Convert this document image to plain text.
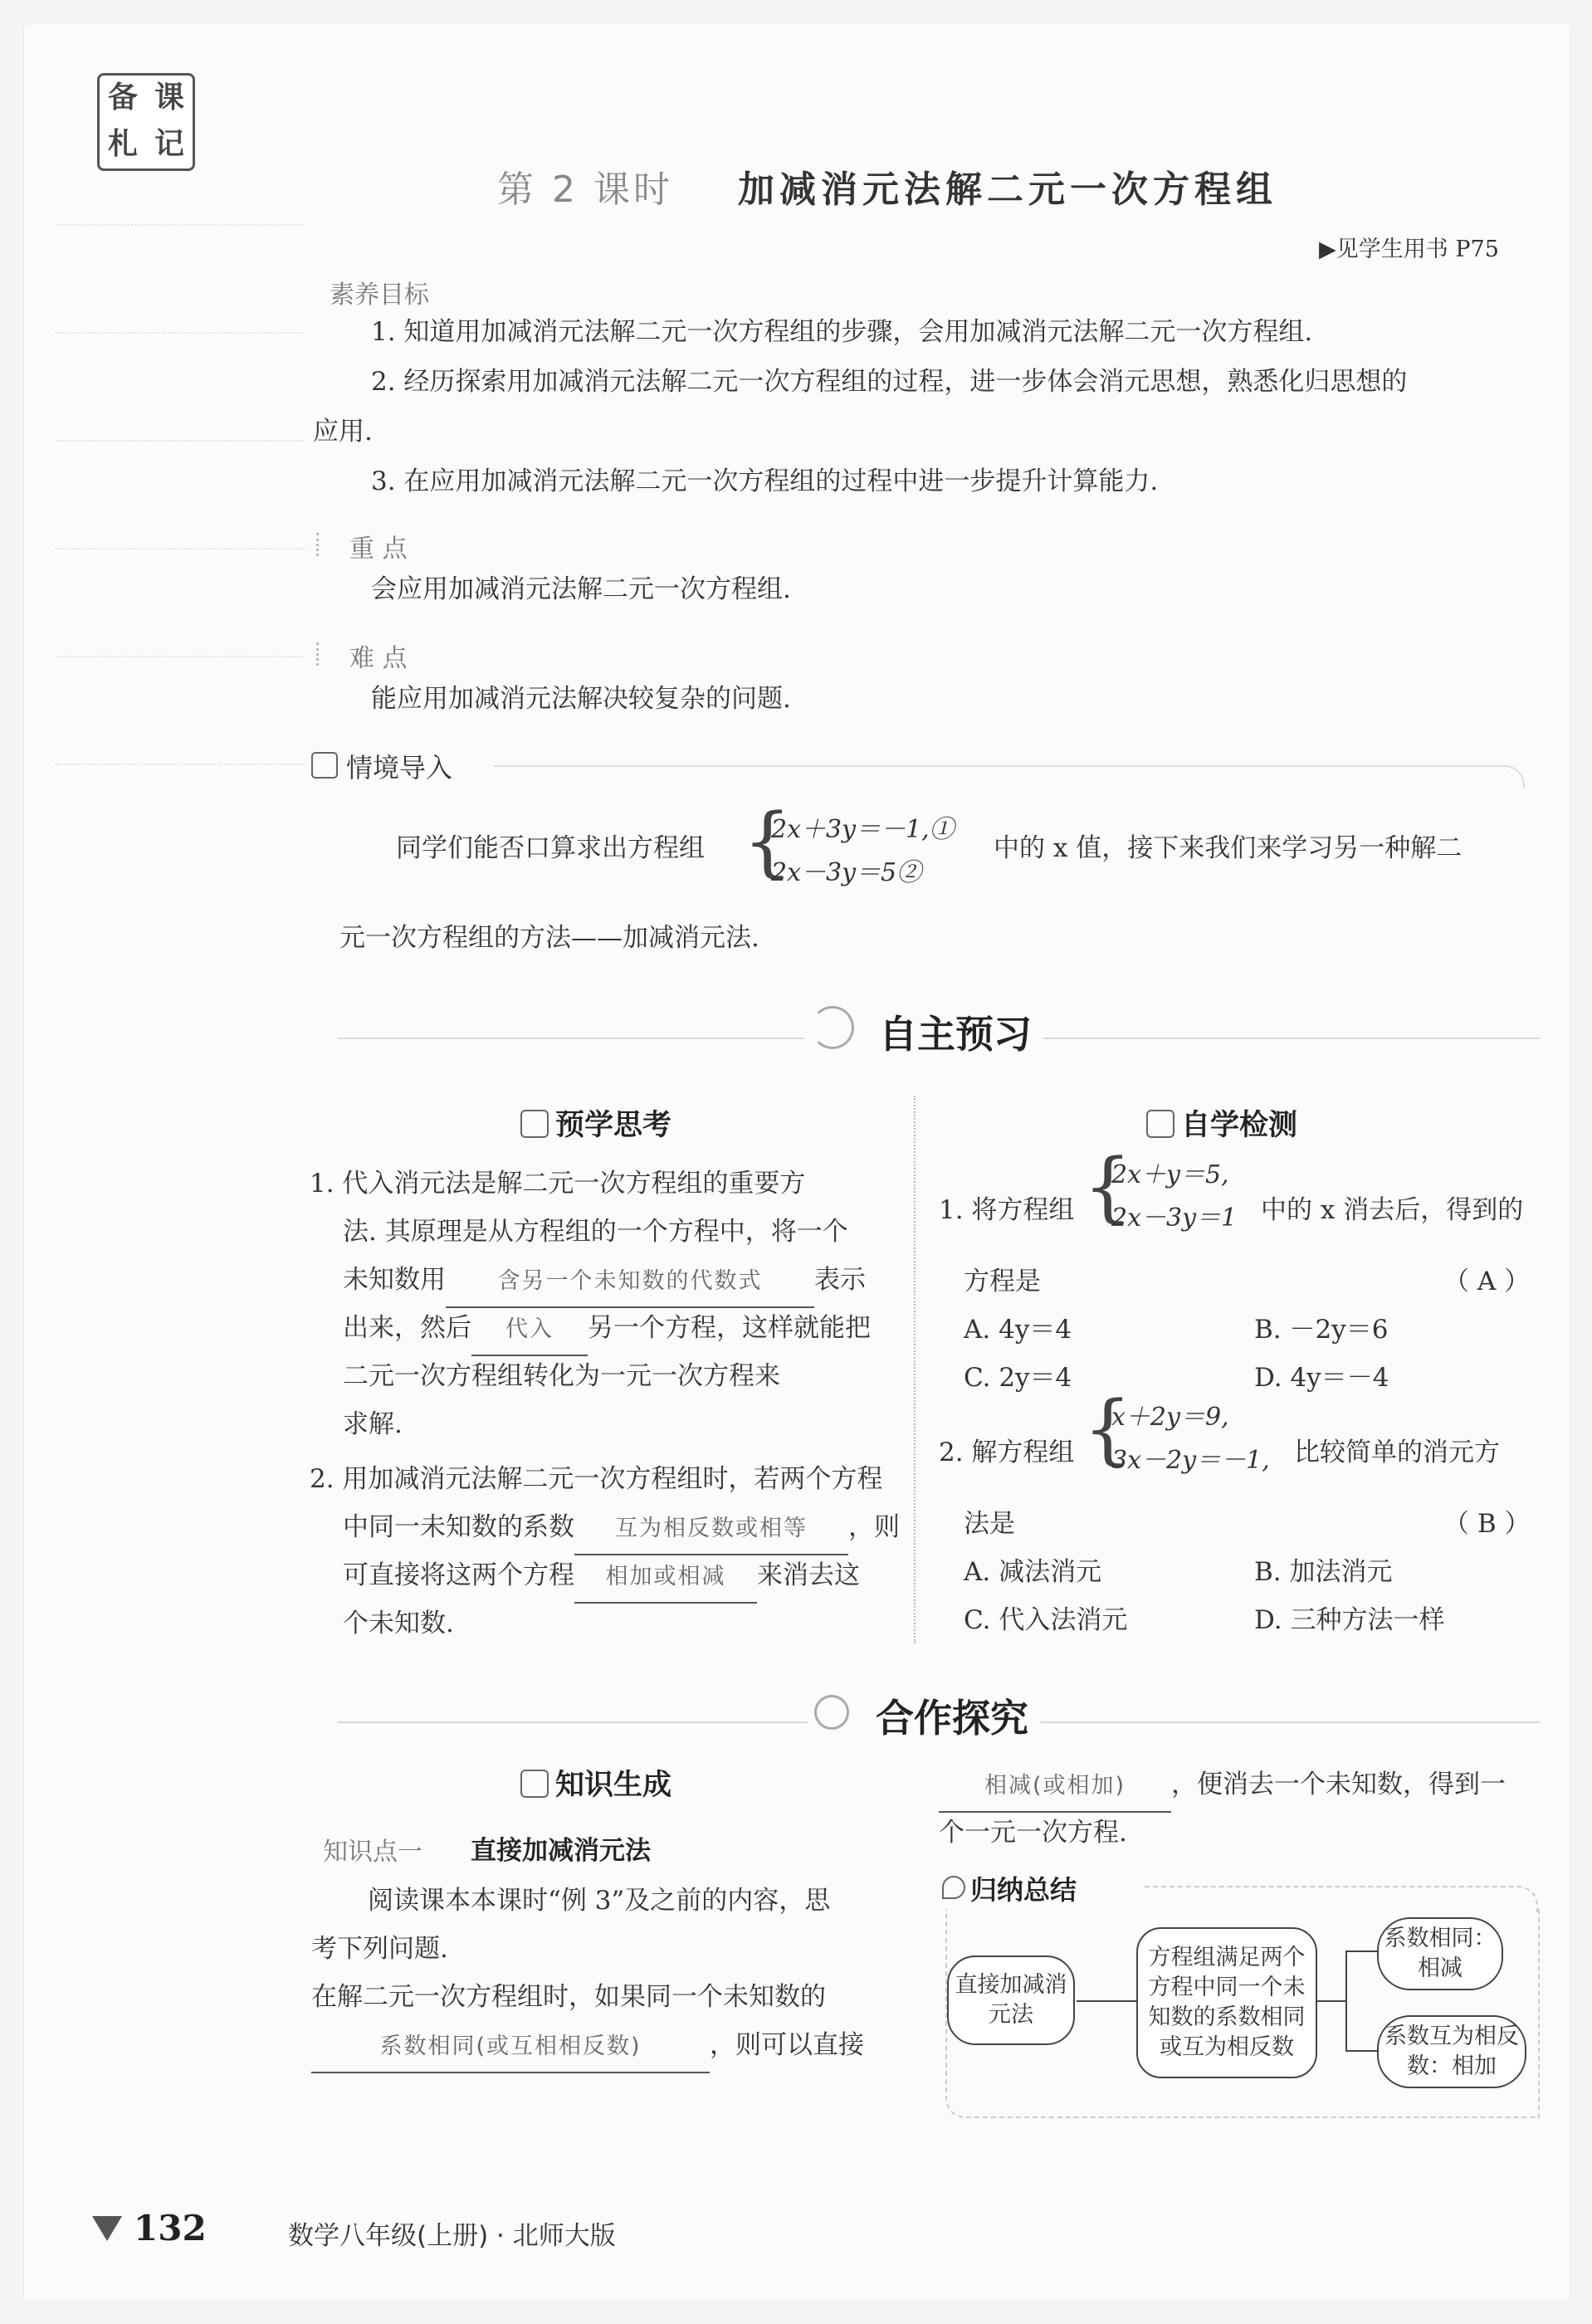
备 课
札 记
第 2 课时 加减消元法解二元一次方程组
▶见学生用书 P75
素养目标
1. 知道用加减消元法解二元一次方程组的步骤，会用加减消元法解二元一次方程组.
2. 经历探索用加减消元法解二元一次方程组的过程，进一步体会消元思想，熟悉化归思想的
应用.
3. 在应用加减消元法解二元一次方程组的过程中进一步提升计算能力.
重 点
会应用加减消元法解二元一次方程组.
难 点
能应用加减消元法解决较复杂的问题.
情境导入
同学们能否口算求出方程组 {
2x＋3y＝－1,①
2x－3y＝5②
中的 x 值，接下来我们来学习另一种解二
元一次方程组的方法——加减消元法.
自主预习
预学思考
1. 代入消元法是解二元一次方程组的重要方
法. 其原理是从方程组的一个方程中，将一个
未知数用 含另一个未知数的代数式 表示
出来，然后 代入 另一个方程，这样就能把
二元一次方程组转化为一元一次方程来
求解.
2. 用加减消元法解二元一次方程组时，若两个方程
中同一未知数的系数 互为相反数或相等 ，则
可直接将这两个方程 相加或相减 来消去这
个未知数.
自学检测
1. 将方程组 {
2x＋y＝5,
2x－3y＝1 中的 x 消去后，得到的
方程是	（ A ）
A. 4y＝4	B. －2y＝6
C. 2y＝4	D. 4y＝－4
2. 解方程组 {
x＋2y＝9,
3x－2y＝－1, 比较简单的消元方
法是	（ B ）
A. 减法消元	B. 加法消元
C. 代入法消元	D. 三种方法一样
合作探究
知识生成
知识点一 直接加减消元法
阅读课本本课时“例 3”及之前的内容，思
考下列问题.
在解二元一次方程组时，如果同一个未知数的
系数相同(或互相相反数)	，则可以直接
相减(或相加) ，便消去一个未知数，得到一
个一元一次方程.
归纳总结
直接加减消元法
方程组满足两个方程中同一个未知数的系数相同或互为相反数
系数相同：相减
系数互为相反数：相加
132	数学八年级(上册) · 北师大版
